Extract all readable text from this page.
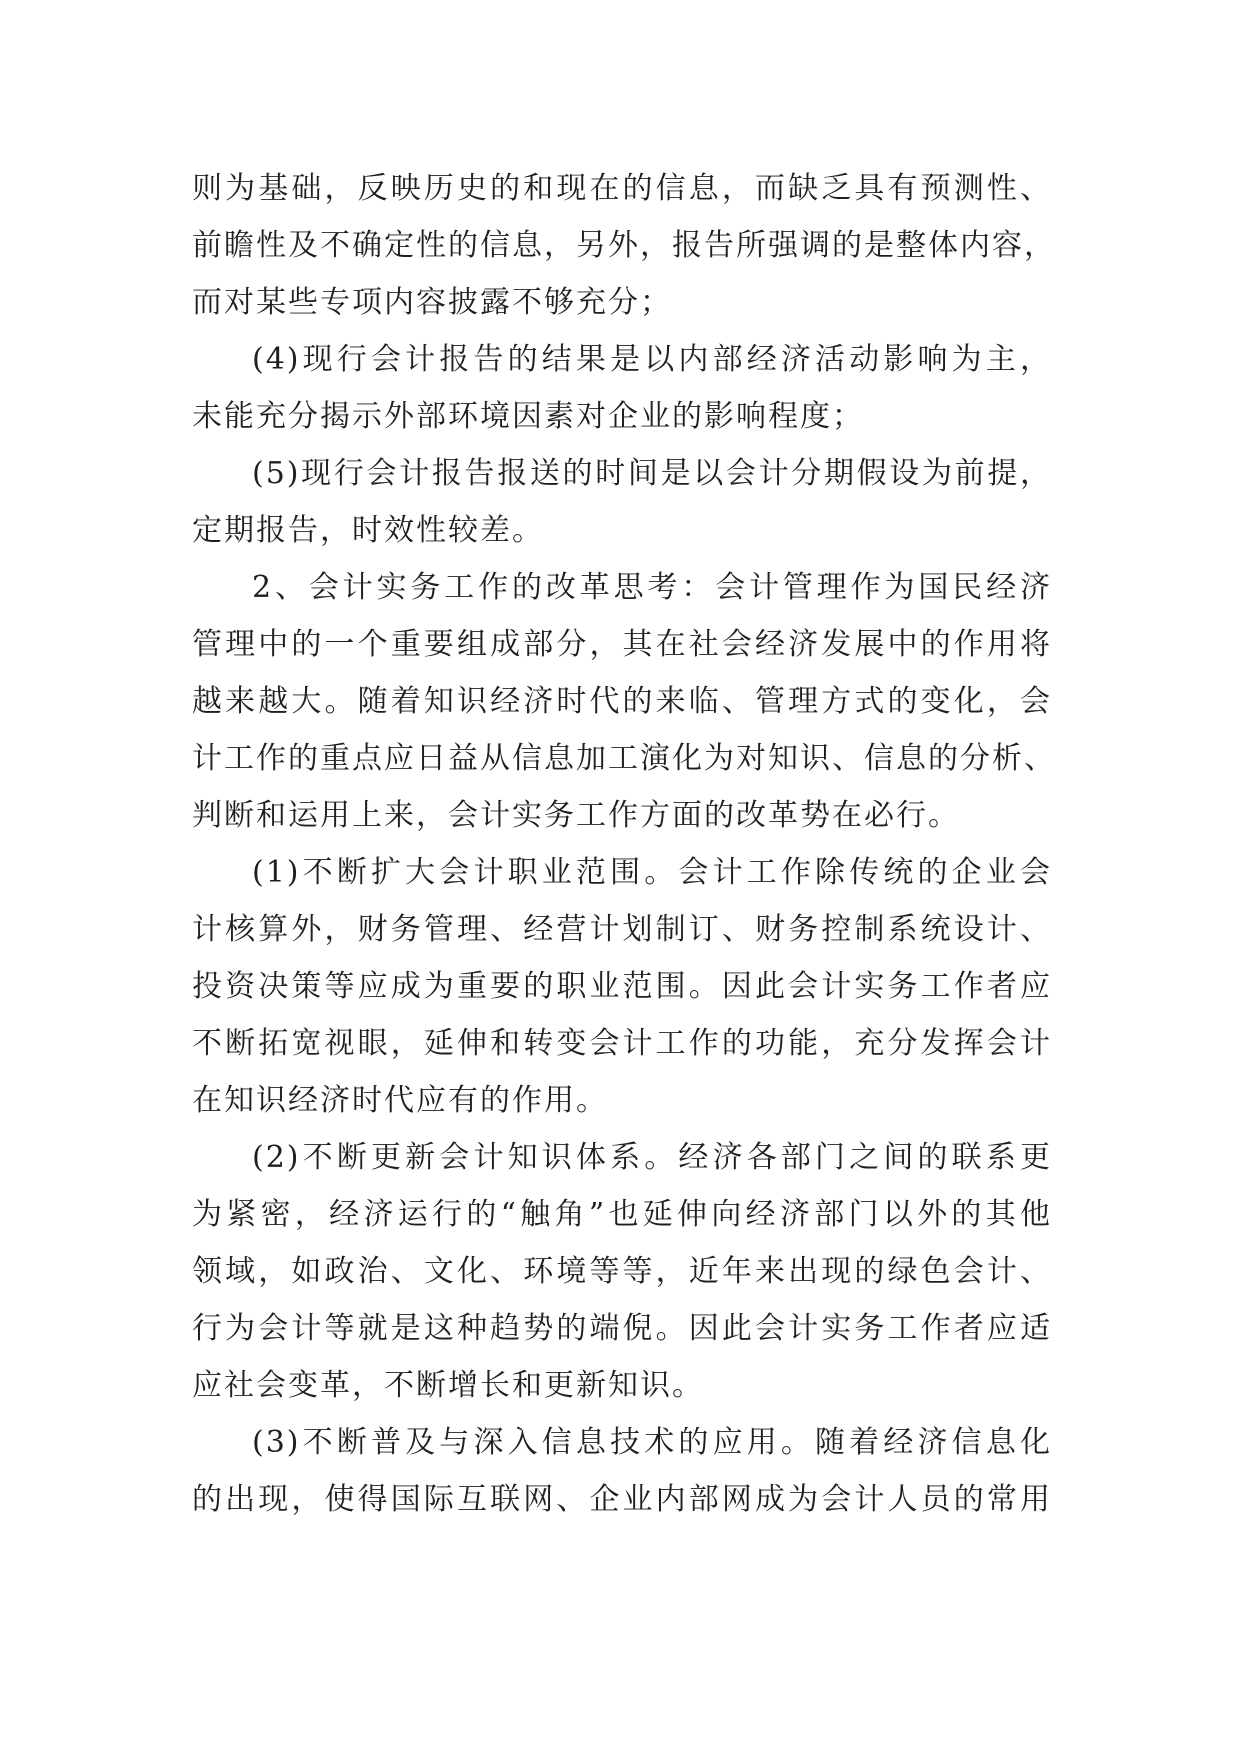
则为基础，反映历史的和现在的信息，而缺乏具有预测性、
前瞻性及不确定性的信息，另外，报告所强调的是整体内容，
而对某些专项内容披露不够充分；
(4)现行会计报告的结果是以内部经济活动影响为主，
未能充分揭示外部环境因素对企业的影响程度；
(5)现行会计报告报送的时间是以会计分期假设为前提，
定期报告，时效性较差。
2、会计实务工作的改革思考：会计管理作为国民经济
管理中的一个重要组成部分，其在社会经济发展中的作用将
越来越大。随着知识经济时代的来临、管理方式的变化，会
计工作的重点应日益从信息加工演化为对知识、信息的分析、
判断和运用上来，会计实务工作方面的改革势在必行。
(1)不断扩大会计职业范围。会计工作除传统的企业会
计核算外，财务管理、经营计划制订、财务控制系统设计、
投资决策等应成为重要的职业范围。因此会计实务工作者应
不断拓宽视眼，延伸和转变会计工作的功能，充分发挥会计
在知识经济时代应有的作用。
(2)不断更新会计知识体系。经济各部门之间的联系更
为紧密，经济运行的“触角”也延伸向经济部门以外的其他
领域，如政治、文化、环境等等，近年来出现的绿色会计、
行为会计等就是这种趋势的端倪。因此会计实务工作者应适
应社会变革，不断增长和更新知识。
(3)不断普及与深入信息技术的应用。随着经济信息化
的出现，使得国际互联网、企业内部网成为会计人员的常用
